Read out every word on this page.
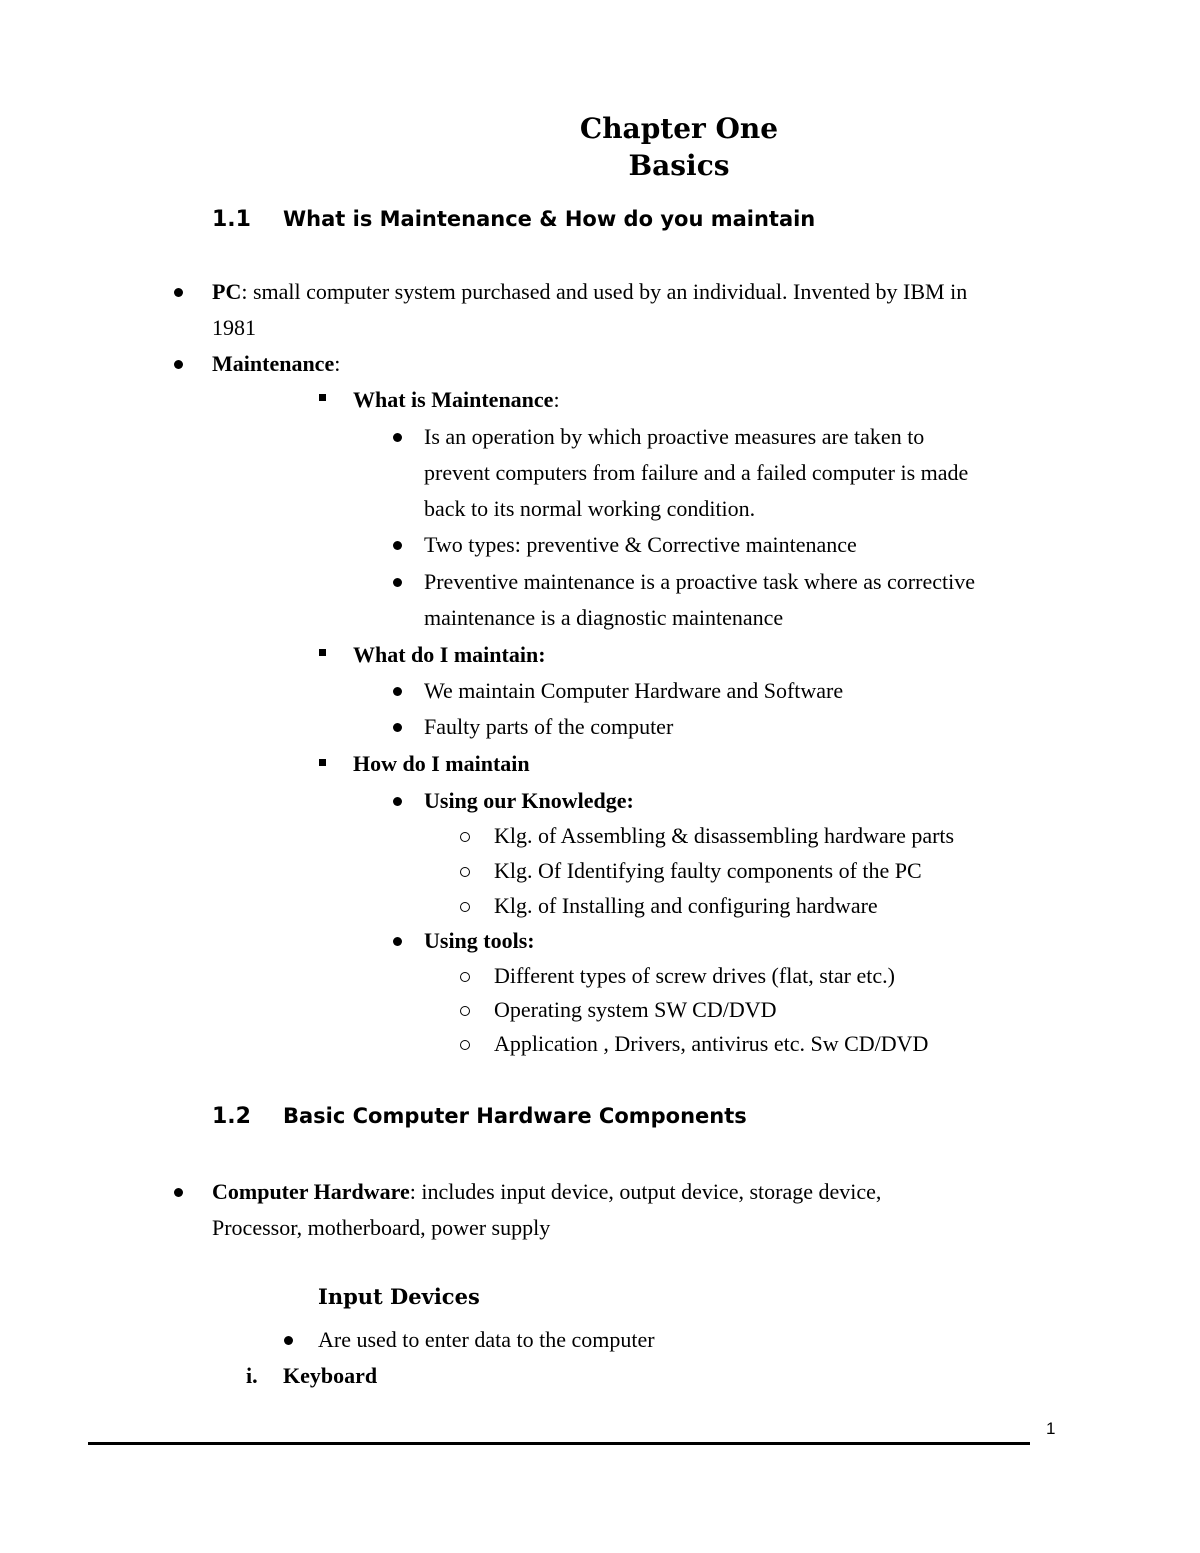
Chapter One
Basics
1.1 What is Maintenance & How do you maintain
PC: small computer system purchased and used by an individual. Invented by IBM in
1981
Maintenance:
What is Maintenance:
Is an operation by which proactive measures are taken to
prevent computers from failure and a failed computer is made
back to its normal working condition.
Two types: preventive & Corrective maintenance
Preventive maintenance is a proactive task where as corrective
maintenance is a diagnostic maintenance
What do I maintain:
We maintain Computer Hardware and Software
Faulty parts of the computer
How do I maintain
Using our Knowledge:
Klg. of Assembling & disassembling hardware parts
Klg. Of Identifying faulty components of the PC
Klg. of Installing and configuring hardware
Using tools:
Different types of screw drives (flat, star etc.)
Operating system SW CD/DVD
Application , Drivers, antivirus etc. Sw CD/DVD
1.2 Basic Computer Hardware Components
Computer Hardware: includes input device, output device, storage device,
Processor, motherboard, power supply
Input Devices
Are used to enter data to the computer
i. Keyboard
1
